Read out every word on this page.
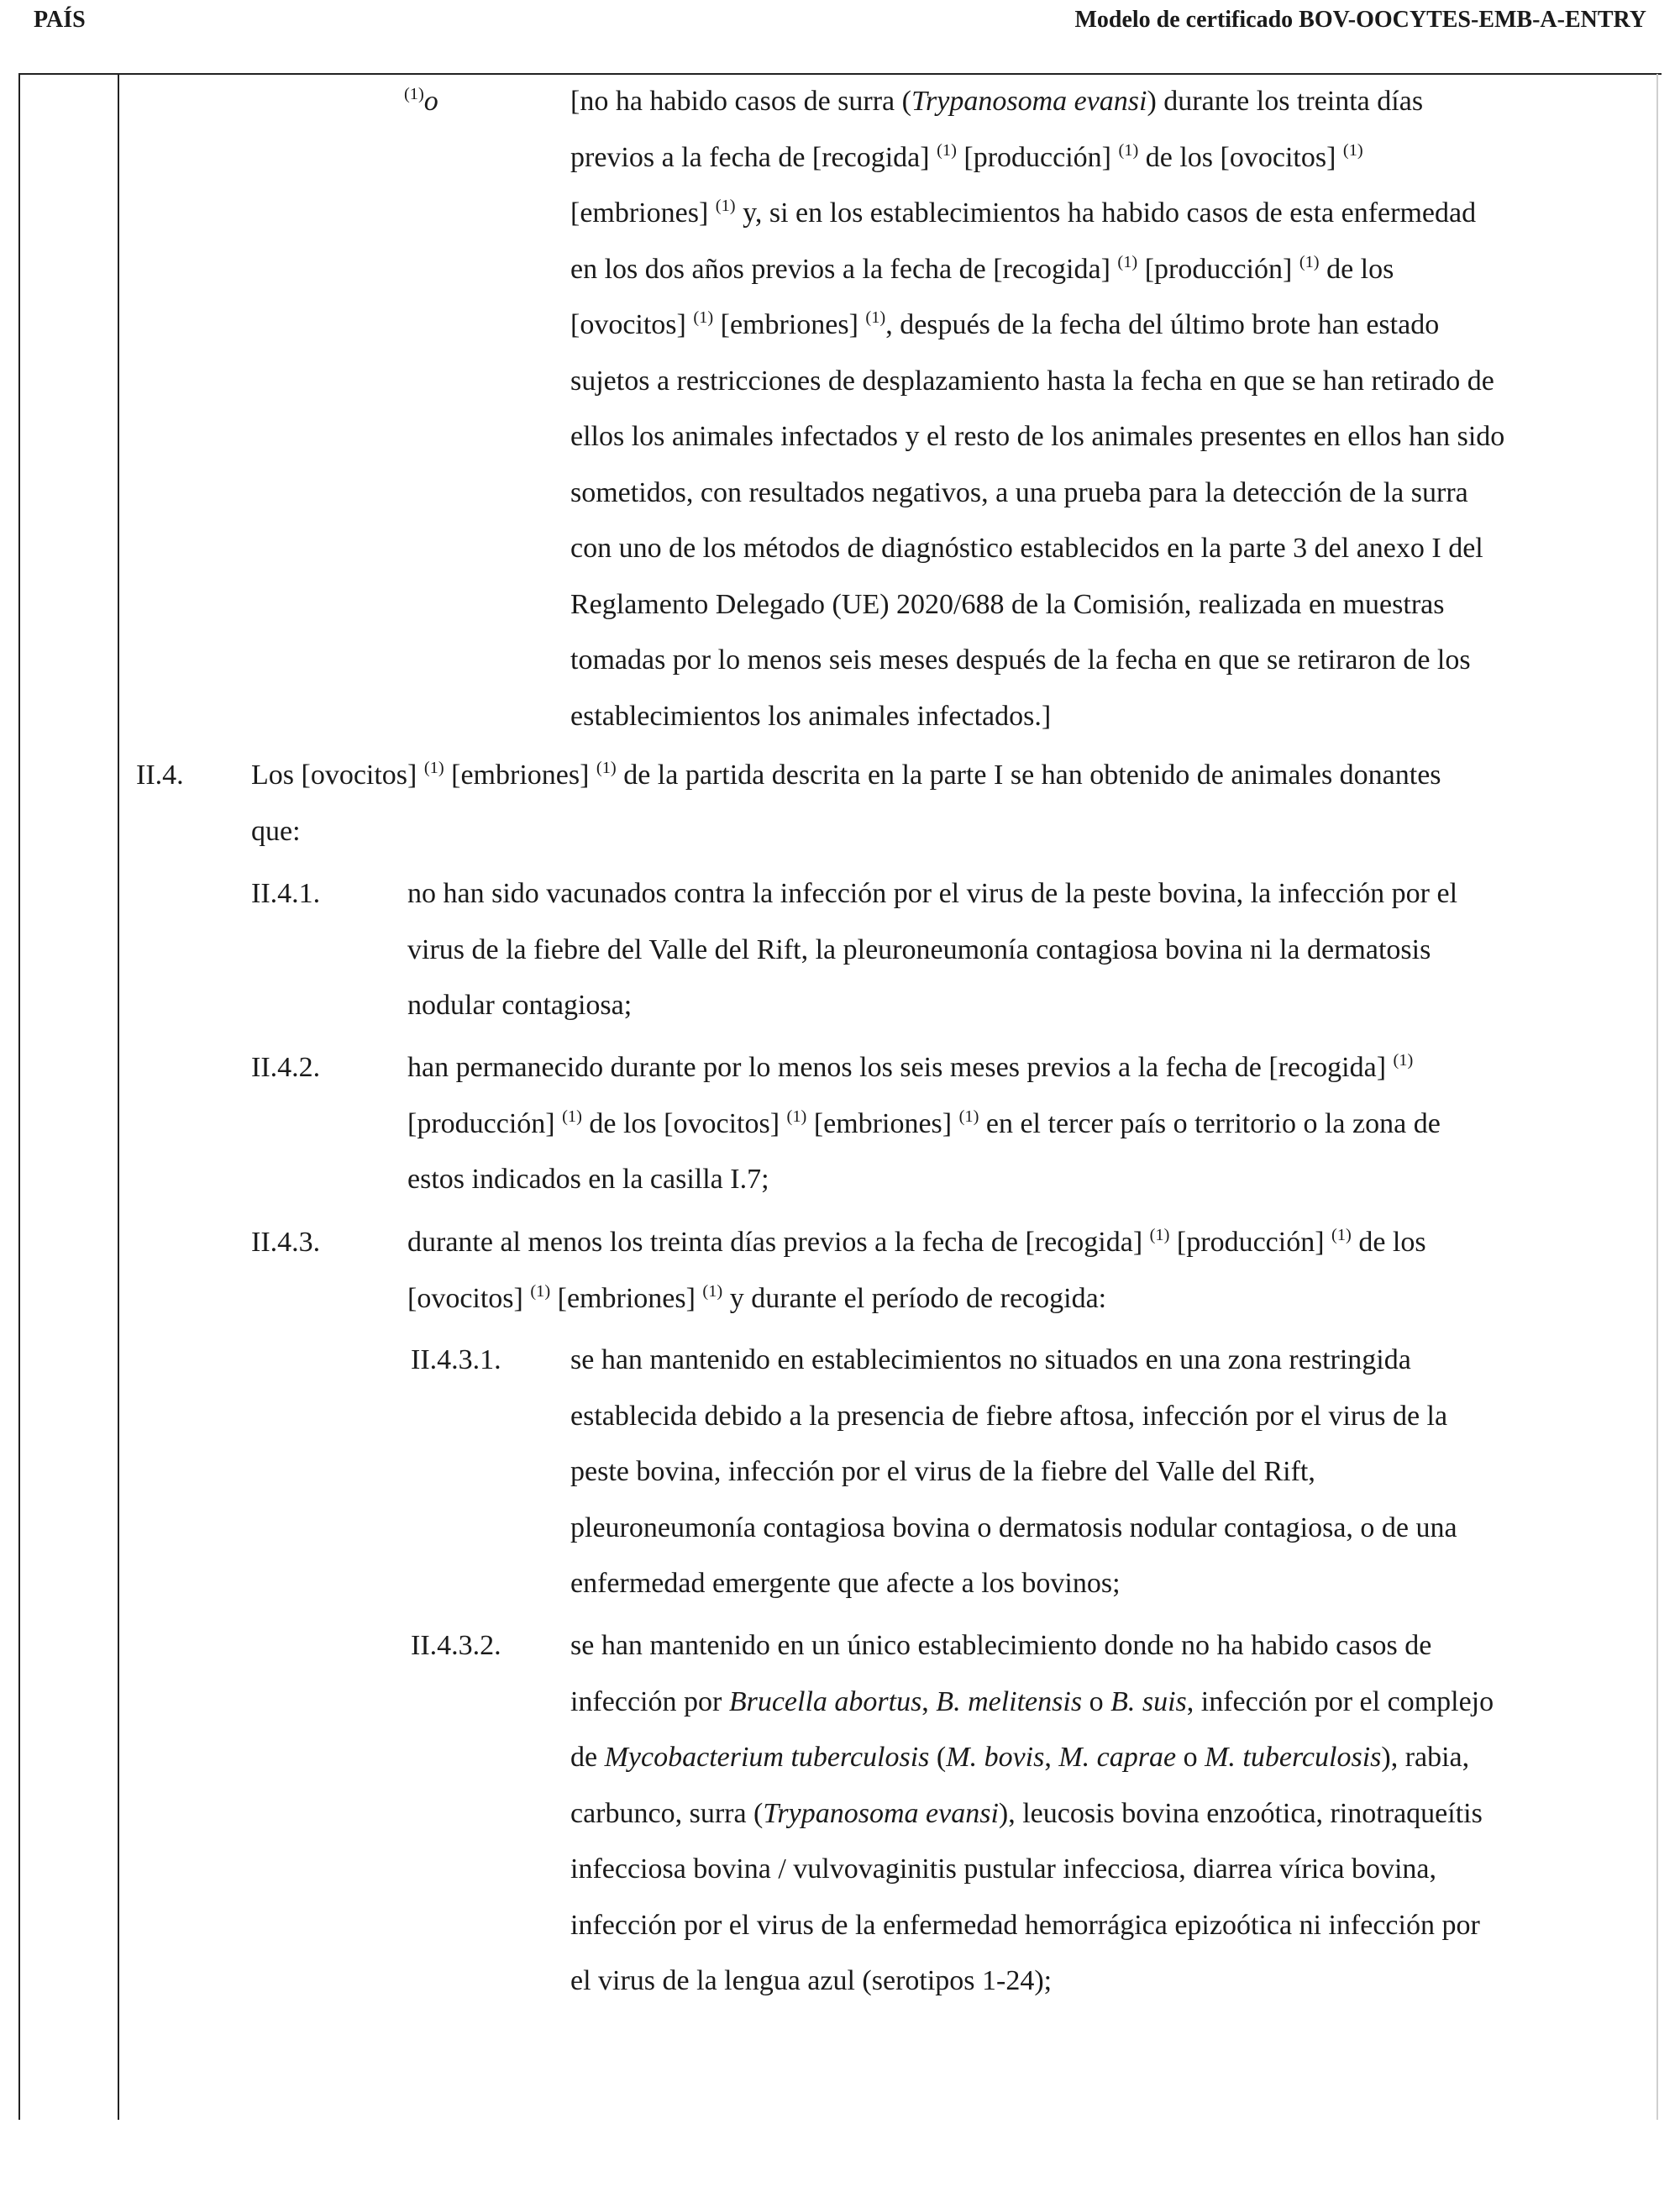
PAÍS	Modelo de certificado BOV-OOCYTES-EMB-A-ENTRY
$^{(1)}$o	[no ha habido casos de surra (Trypanosoma evansi) durante los treinta días
previos a la fecha de [recogida] $^{(1)}$ [producción] $^{(1)}$ de los [ovocitos] $^{(1)}$
[embriones] $^{(1)}$ y, si en los establecimientos ha habido casos de esta enfermedad
en los dos años previos a la fecha de [recogida] $^{(1)}$ [producción] $^{(1)}$ de los
[ovocitos] $^{(1)}$ [embriones] $^{(1)}$, después de la fecha del último brote han estado
sujetos a restricciones de desplazamiento hasta la fecha en que se han retirado de
ellos los animales infectados y el resto de los animales presentes en ellos han sido
sometidos, con resultados negativos, a una prueba para la detección de la surra
con uno de los métodos de diagnóstico establecidos en la parte 3 del anexo I del
Reglamento Delegado (UE) 2020/688 de la Comisión, realizada en muestras
tomadas por lo menos seis meses después de la fecha en que se retiraron de los
establecimientos los animales infectados.]
II.4. Los [ovocitos] $^{(1)}$ [embriones] $^{(1)}$ de la partida descrita en la parte I se han obtenido de animales donantes
que:
II.4.1.	no han sido vacunados contra la infección por el virus de la peste bovina, la infección por el
virus de la fiebre del Valle del Rift, la pleuroneumonía contagiosa bovina ni la dermatosis
nodular contagiosa;
II.4.2.	han permanecido durante por lo menos los seis meses previos a la fecha de [recogida] $^{(1)}$
[producción] $^{(1)}$ de los [ovocitos] $^{(1)}$ [embriones] $^{(1)}$ en el tercer país o territorio o la zona de
estos indicados en la casilla I.7;
II.4.3.	durante al menos los treinta días previos a la fecha de [recogida] $^{(1)}$ [producción] $^{(1)}$ de los
[ovocitos] $^{(1)}$ [embriones] $^{(1)}$ y durante el período de recogida:
II.4.3.1. se han mantenido en establecimientos no situados en una zona restringida
establecida debido a la presencia de fiebre aftosa, infección por el virus de la
peste bovina, infección por el virus de la fiebre del Valle del Rift,
pleuroneumonía contagiosa bovina o dermatosis nodular contagiosa, o de una
enfermedad emergente que afecte a los bovinos;
II.4.3.2. se han mantenido en un único establecimiento donde no ha habido casos de
infección por Brucella abortus, B. melitensis o B. suis, infección por el complejo
de Mycobacterium tuberculosis (M. bovis, M. caprae o M. tuberculosis), rabia,
carbunco, surra (Trypanosoma evansi), leucosis bovina enzoótica, rinotraqueítis
infecciosa bovina / vulvovaginitis pustular infecciosa, diarrea vírica bovina,
infección por el virus de la enfermedad hemorrágica epizoótica ni infección por
el virus de la lengua azul (serotipos 1-24);
